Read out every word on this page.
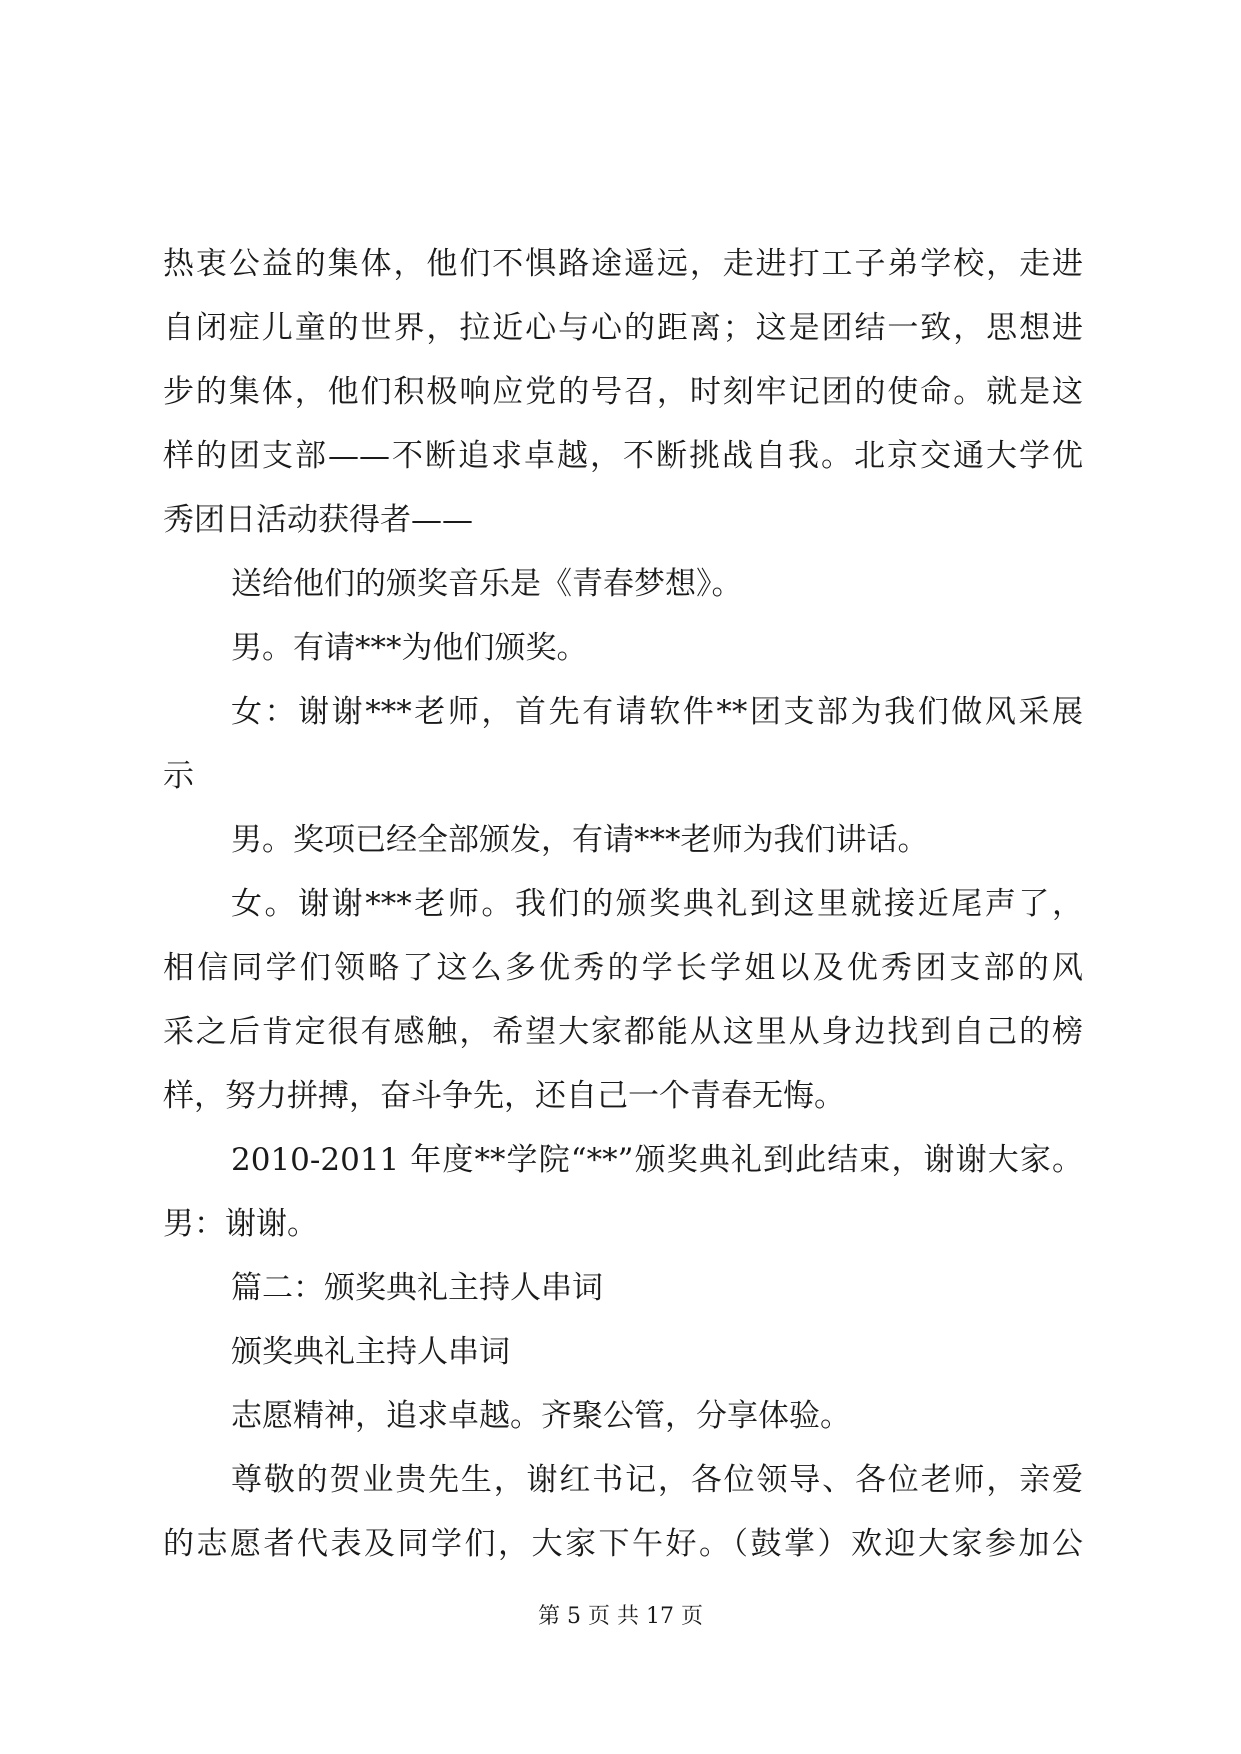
热衷公益的集体，他们不惧路途遥远，走进打工子弟学校，走进
自闭症儿童的世界，拉近心与心的距离；这是团结一致，思想进
步的集体，他们积极响应党的号召，时刻牢记团的使命。就是这
样的团支部——不断追求卓越，不断挑战自我。北京交通大学优
秀团日活动获得者——
送给他们的颁奖音乐是《青春梦想》。
男。有请***为他们颁奖。
女：谢谢***老师，首先有请软件**团支部为我们做风采展
示
男。奖项已经全部颁发，有请***老师为我们讲话。
女。谢谢***老师。我们的颁奖典礼到这里就接近尾声了，
相信同学们领略了这么多优秀的学长学姐以及优秀团支部的风
采之后肯定很有感触，希望大家都能从这里从身边找到自己的榜
样，努力拼搏，奋斗争先，还自己一个青春无悔。
2010-2011 年度**学院“**”颁奖典礼到此结束，谢谢大家。
男：谢谢。
篇二：颁奖典礼主持人串词
颁奖典礼主持人串词
志愿精神，追求卓越。齐聚公管，分享体验。
尊敬的贺业贵先生，谢红书记，各位领导、各位老师，亲爱
的志愿者代表及同学们，大家下午好。（鼓掌）欢迎大家参加公
第 5 页 共 17 页
